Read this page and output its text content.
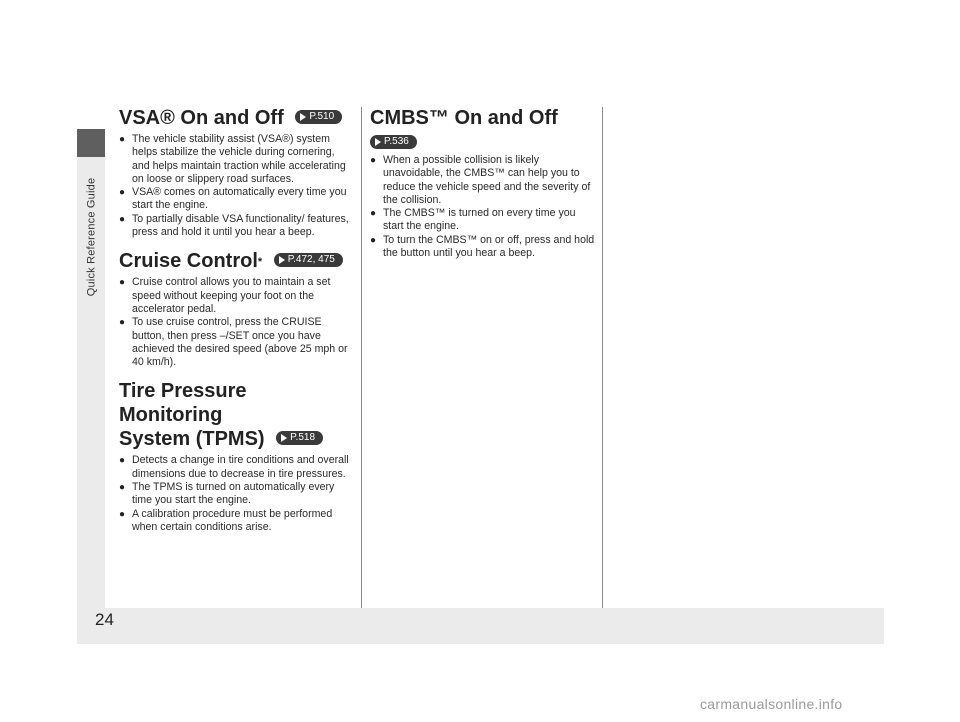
Quick Reference Guide
VSA® On and Off	P.510
● The vehicle stability assist (VSA®) system helps stabilize the vehicle during cornering, and helps maintain traction while accelerating on loose or slippery road surfaces.
● VSA® comes on automatically every time you start the engine.
● To partially disable VSA functionality/ features, press and hold it until you hear a beep.
Cruise Control*	P.472, 475
● Cruise control allows you to maintain a set speed without keeping your foot on the accelerator pedal.
● To use cruise control, press the CRUISE button, then press –/SET once you have achieved the desired speed (above 25 mph or 40 km/h).
Tire Pressure Monitoring
System (TPMS)	P.518
● Detects a change in tire conditions and overall dimensions due to decrease in tire pressures.
● The TPMS is turned on automatically every time you start the engine.
● A calibration procedure must be performed when certain conditions arise.
CMBS™ On and Off
P.536
● When a possible collision is likely unavoidable, the CMBS™ can help you to reduce the vehicle speed and the severity of the collision.
● The CMBS™ is turned on every time you start the engine.
● To turn the CMBS™ on or off, press and hold the button until you hear a beep.
24
carmanualsonline.info
